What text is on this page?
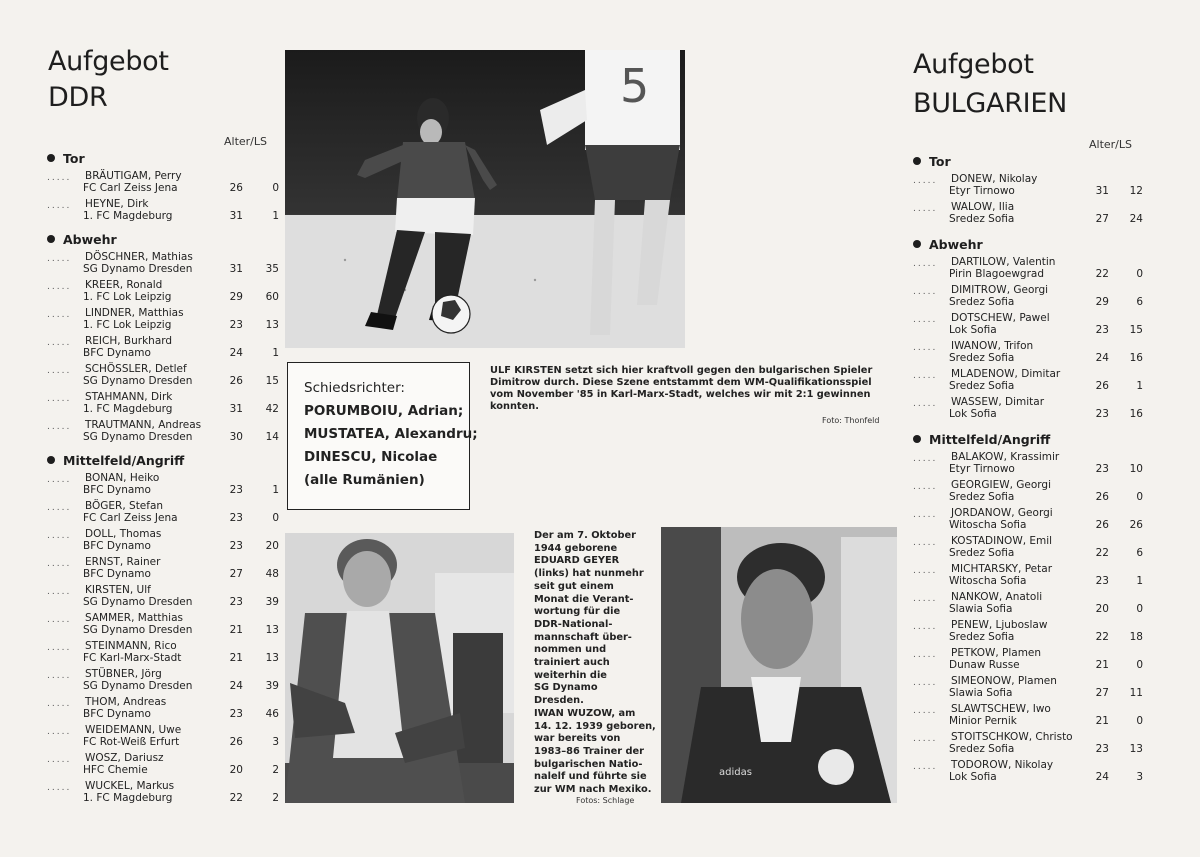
Aufgebot
DDR
Alter/LS
Tor
..... BRÄUTIGAM, Perry
FC Carl Zeiss Jena	26	0
..... HEYNE, Dirk
1. FC Magdeburg	31	1
Abwehr
..... DÖSCHNER, Mathias
SG Dynamo Dresden	31	35
..... KREER, Ronald
1. FC Lok Leipzig	29	60
..... LINDNER, Matthias
1. FC Lok Leipzig	23	13
..... REICH, Burkhard
BFC Dynamo	24	1
..... SCHÖSSLER, Detlef
SG Dynamo Dresden	26	15
..... STAHMANN, Dirk
1. FC Magdeburg	31	42
..... TRAUTMANN, Andreas
SG Dynamo Dresden	30	14
Mittelfeld/Angriff
..... BONAN, Heiko
BFC Dynamo	23	1
..... BÖGER, Stefan
FC Carl Zeiss Jena	23	0
..... DOLL, Thomas
BFC Dynamo	23	20
..... ERNST, Rainer
BFC Dynamo	27	48
..... KIRSTEN, Ulf
SG Dynamo Dresden	23	39
..... SAMMER, Matthias
SG Dynamo Dresden	21	13
..... STEINMANN, Rico
FC Karl-Marx-Stadt	21	13
..... STÜBNER, Jörg
SG Dynamo Dresden	24	39
..... THOM, Andreas
BFC Dynamo	23	46
..... WEIDEMANN, Uwe
FC Rot-Weiß Erfurt	26	3
..... WOSZ, Dariusz
HFC Chemie	20	2
..... WUCKEL, Markus
1. FC Magdeburg	22	2
5
Schiedsrichter:
PORUMBOIU, Adrian;
MUSTATEA, Alexandru;
DINESCU, Nicolae
(alle Rumänien)
ULF KIRSTEN setzt sich hier kraftvoll gegen den bulgarischen Spieler
Dimitrow durch. Diese Szene entstammt dem WM-Qualifikationsspiel
vom November '85 in Karl-Marx-Stadt, welches wir mit 2:1 gewinnen
konnten.
Foto: Thonfeld
Der am 7. Oktober
1944 geborene
EDUARD GEYER
(links) hat nunmehr
seit gut einem
Monat die Verant-
wortung für die
DDR-National-
mannschaft über-
nommen und
trainiert auch
weiterhin die
SG Dynamo
Dresden.
IWAN WUZOW, am
14. 12. 1939 geboren,
war bereits von
1983–86 Trainer der
bulgarischen Natio-
nalelf und führte sie
zur WM nach Mexiko.
Fotos: Schlage
adidas
Aufgebot
BULGARIEN
Alter/LS
Tor
..... DONEW, Nikolay
Etyr Tirnowo	31	12
..... WALOW, Ilia
Sredez Sofia	27	24
Abwehr
..... DARTILOW, Valentin
Pirin Blagoewgrad	22	0
..... DIMITROW, Georgi
Sredez Sofia	29	6
..... DOTSCHEW, Pawel
Lok Sofia	23	15
..... IWANOW, Trifon
Sredez Sofia	24	16
..... MLADENOW, Dimitar
Sredez Sofia	26	1
..... WASSEW, Dimitar
Lok Sofia	23	16
Mittelfeld/Angriff
..... BALAKOW, Krassimir
Etyr Tirnowo	23	10
..... GEORGIEW, Georgi
Sredez Sofia	26	0
..... JORDANOW, Georgi
Witoscha Sofia	26	26
..... KOSTADINOW, Emil
Sredez Sofia	22	6
..... MICHTARSKY, Petar
Witoscha Sofia	23	1
..... NANKOW, Anatoli
Slawia Sofia	20	0
..... PENEW, Ljuboslaw
Sredez Sofia	22	18
..... PETKOW, Plamen
Dunaw Russe	21	0
..... SIMEONOW, Plamen
Slawia Sofia	27	11
..... SLAWTSCHEW, Iwo
Minior Pernik	21	0
..... STOITSCHKOW, Christo
Sredez Sofia	23	13
..... TODOROW, Nikolay
Lok Sofia	24	3
